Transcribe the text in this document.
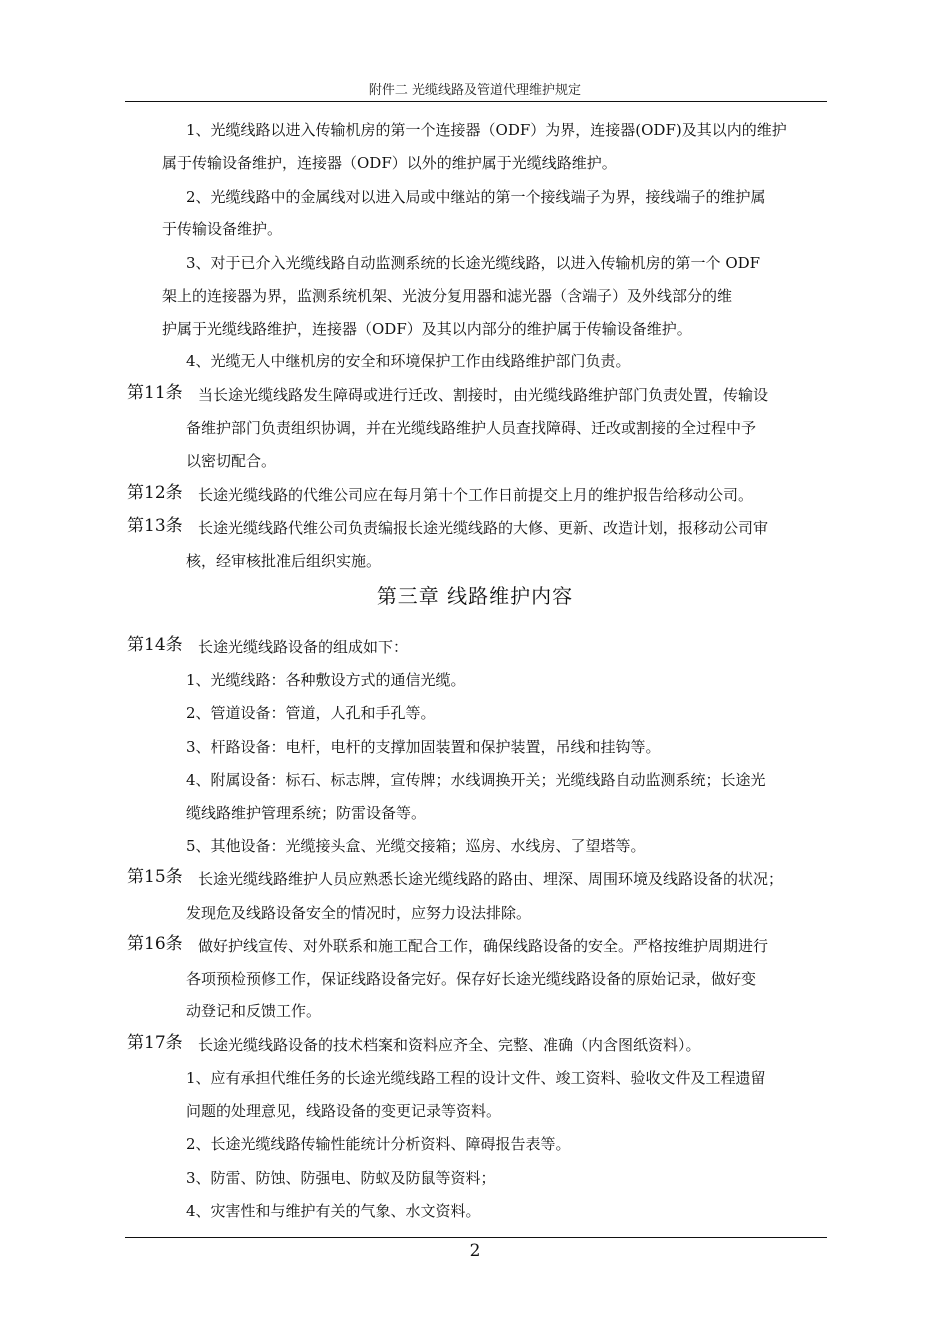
附件二 光缆线路及管道代理维护规定
1、光缆线路以进入传输机房的第一个连接器（ODF）为界，连接器(ODF)及其以内的维护
属于传输设备维护，连接器（ODF）以外的维护属于光缆线路维护。
2、光缆线路中的金属线对以进入局或中继站的第一个接线端子为界，接线端子的维护属
于传输设备维护。
3、对于已介入光缆线路自动监测系统的长途光缆线路，以进入传输机房的第一个 ODF
架上的连接器为界，监测系统机架、光波分复用器和滤光器（含端子）及外线部分的维
护属于光缆线路维护，连接器（ODF）及其以内部分的维护属于传输设备维护。
4、光缆无人中继机房的安全和环境保护工作由线路维护部门负责。
当长途光缆线路发生障碍或进行迁改、割接时，由光缆线路维护部门负责处置，传输设
备维护部门负责组织协调，并在光缆线路维护人员查找障碍、迁改或割接的全过程中予
以密切配合。
长途光缆线路的代维公司应在每月第十个工作日前提交上月的维护报告给移动公司。
长途光缆线路代维公司负责编报长途光缆线路的大修、更新、改造计划，报移动公司审
核，经审核批准后组织实施。
长途光缆线路设备的组成如下：
1、光缆线路：各种敷设方式的通信光缆。
2、管道设备：管道，人孔和手孔等。
3、杆路设备：电杆，电杆的支撑加固装置和保护装置，吊线和挂钩等。
4、附属设备：标石、标志牌，宣传牌；水线调换开关；光缆线路自动监测系统；长途光
缆线路维护管理系统；防雷设备等。
5、其他设备：光缆接头盒、光缆交接箱；巡房、水线房、了望塔等。
长途光缆线路维护人员应熟悉长途光缆线路的路由、埋深、周围环境及线路设备的状况；
发现危及线路设备安全的情况时，应努力设法排除。
做好护线宣传、对外联系和施工配合工作，确保线路设备的安全。严格按维护周期进行
各项预检预修工作，保证线路设备完好。保存好长途光缆线路设备的原始记录，做好变
动登记和反馈工作。
长途光缆线路设备的技术档案和资料应齐全、完整、准确（内含图纸资料）。
1、应有承担代维任务的长途光缆线路工程的设计文件、竣工资料、验收文件及工程遗留
问题的处理意见，线路设备的变更记录等资料。
2、长途光缆线路传输性能统计分析资料、障碍报告表等。
3、防雷、防蚀、防强电、防蚁及防鼠等资料；
4、灾害性和与维护有关的气象、水文资料。
第11条
第12条
第13条
第14条
第15条
第16条
第17条
第三章 线路维护内容
2
